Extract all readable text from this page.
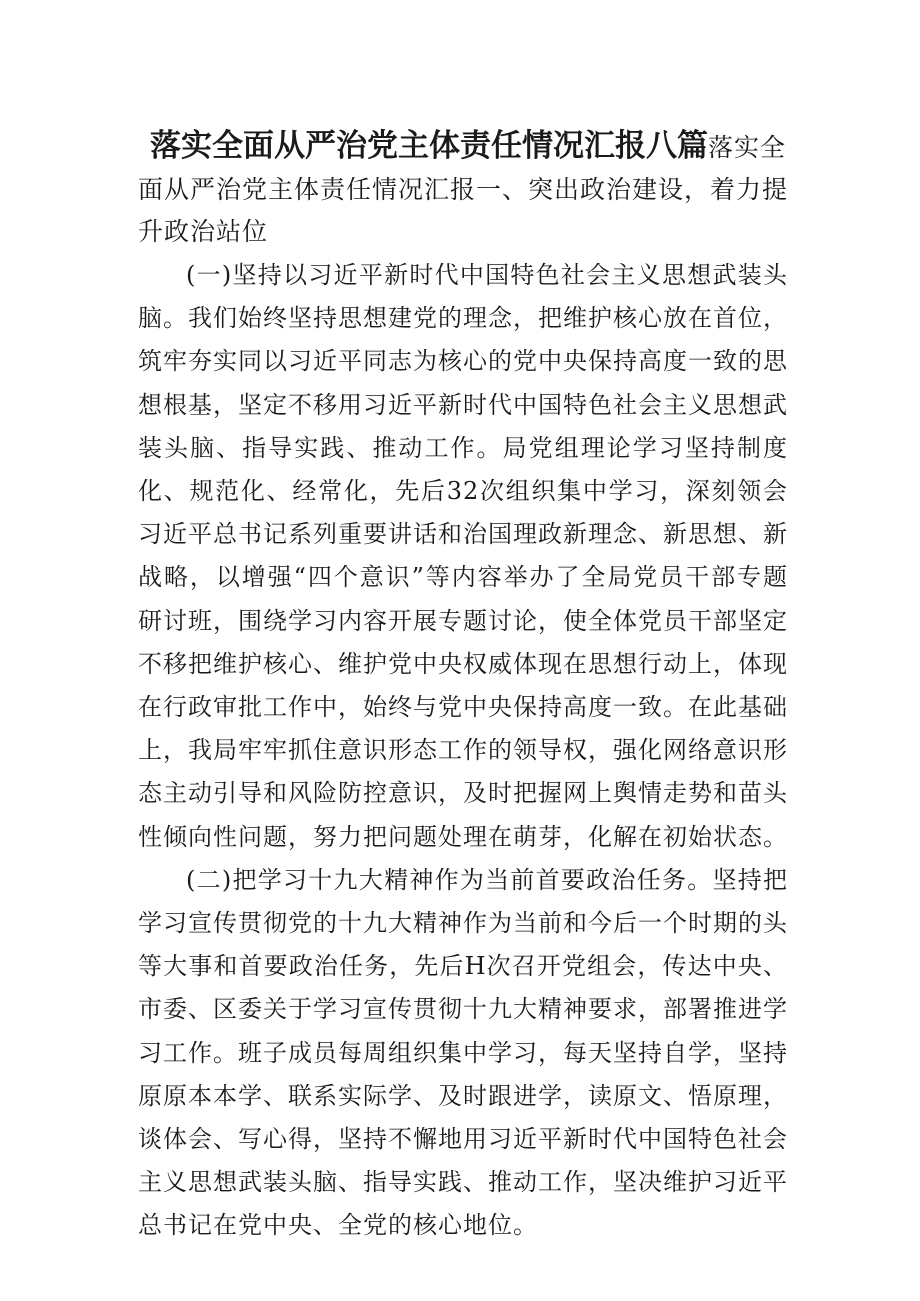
落实全面从严治党主体责任情况汇报八篇落实全面从严治党主体责任情况汇报一、突出政治建设，着力提升政治站位

(一)坚持以习近平新时代中国特色社会主义思想武装头脑。我们始终坚持思想建党的理念，把维护核心放在首位，筑牢夯实同以习近平同志为核心的党中央保持高度一致的思想根基，坚定不移用习近平新时代中国特色社会主义思想武装头脑、指导实践、推动工作。局党组理论学习坚持制度化、规范化、经常化，先后32次组织集中学习，深刻领会习近平总书记系列重要讲话和治国理政新理念、新思想、新战略，以增强“四个意识”等内容举办了全局党员干部专题研讨班，围绕学习内容开展专题讨论，使全体党员干部坚定不移把维护核心、维护党中央权威体现在思想行动上，体现在行政审批工作中，始终与党中央保持高度一致。在此基础上，我局牢牢抓住意识形态工作的领导权，强化网络意识形态主动引导和风险防控意识，及时把握网上舆情走势和苗头性倾向性问题，努力把问题处理在萌芽，化解在初始状态。

(二)把学习十九大精神作为当前首要政治任务。坚持把学习宣传贯彻党的十九大精神作为当前和今后一个时期的头等大事和首要政治任务，先后H次召开党组会，传达中央、市委、区委关于学习宣传贯彻十九大精神要求，部署推进学习工作。班子成员每周组织集中学习，每天坚持自学，坚持原原本本学、联系实际学、及时跟进学，读原文、悟原理，谈体会、写心得，坚持不懈地用习近平新时代中国特色社会主义思想武装头脑、指导实践、推动工作，坚决维护习近平总书记在党中央、全党的核心地位。
